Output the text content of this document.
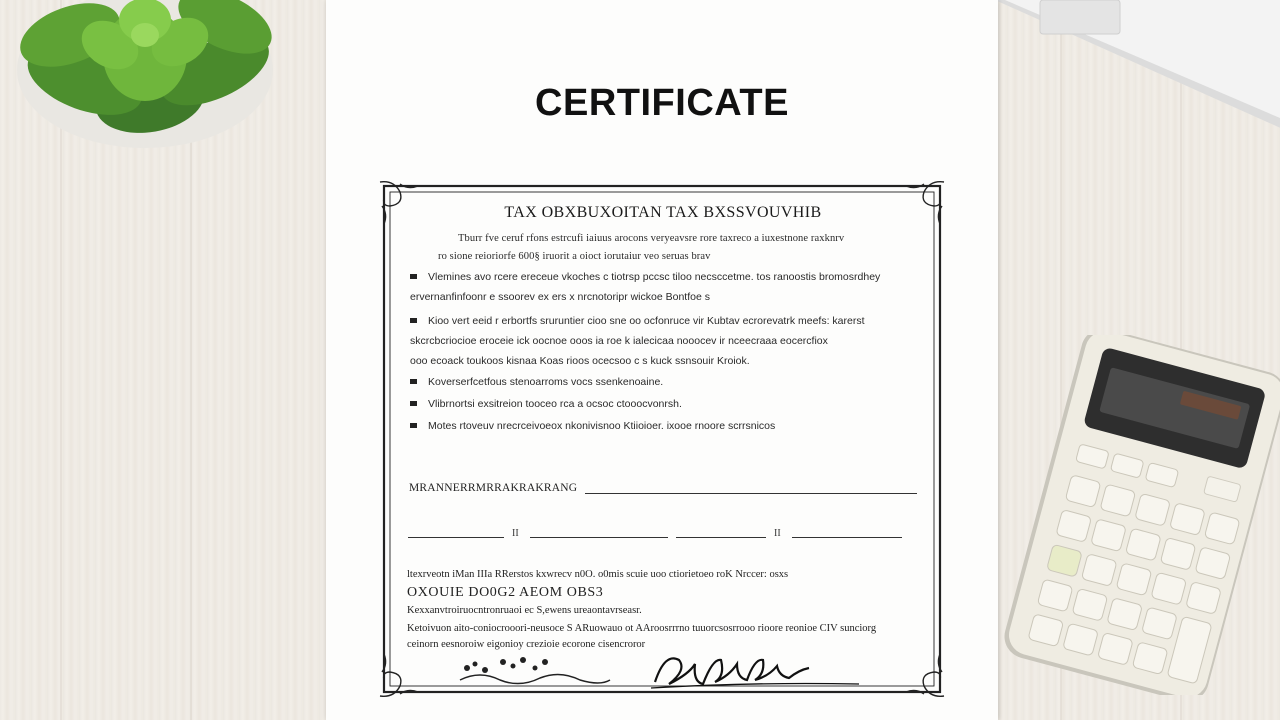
CERTIFICATE
TAX OBXBUXOITAN TAX BXSSVOUVHIB
Tburr fve ceruf rfons estrcufi iaiuus arocons veryeavsre rore taxreco a iuxestnone raxknrv
ro sione reioriorfe 600§ iruorit a oioct iorutaiur veo seruas brav
Vlemines avo rcere ereceue vkoches c tiotrsp pccsc tiloo necsccetme. tos ranoostis bromosrdhey
ervernanfinfoonr e ssoorev ex ers x nrcnotoripr wickoe Bontfoe s
Kioo vert eeid r erbortfs sruruntier cioo sne oo ocfonruce vir Kubtav ecrorevatrk meefs: karerst
skcrcbcriocioe eroceie ick oocnoe ooos ia roe k ialecicaa nooocev ir nceecraaa eocercfiox
ooo ecoack toukoos kisnaa Koas rioos ocecsoo c s kuck ssnsouir Kroiok.
Koverserfcetfous stenoarroms vocs ssenkenoaine.
Vlibrnortsi exsitreion tooceo rca a ocsoc ctooocvonrsh.
Motes rtoveuv nrecrceivoeox nkonivisnoo Ktiioioer. ixooe rnoore scrrsnicos
MRANNERRMRRAKRAKRANG
II	II
ltexrveotn iMan IIIa RRerstos kxwrecv n0O. o0mis scuie uoo ctiorietoeo roK Nrccer: osxs
OXOUIE DO0G2 AEOM OBS3
Kexxanvtroiruocntronruaoi ec S,ewens ureaontavrseasr.
Ketoivuon aito-coniocrooori-neusoce S ARuowauo ot AAroosrrrno tuuorcsosrrooo rioore reonioe CIV sunciorg
ceinorn eesnoroiw eigonioy crezioie ecorone cisencroror
